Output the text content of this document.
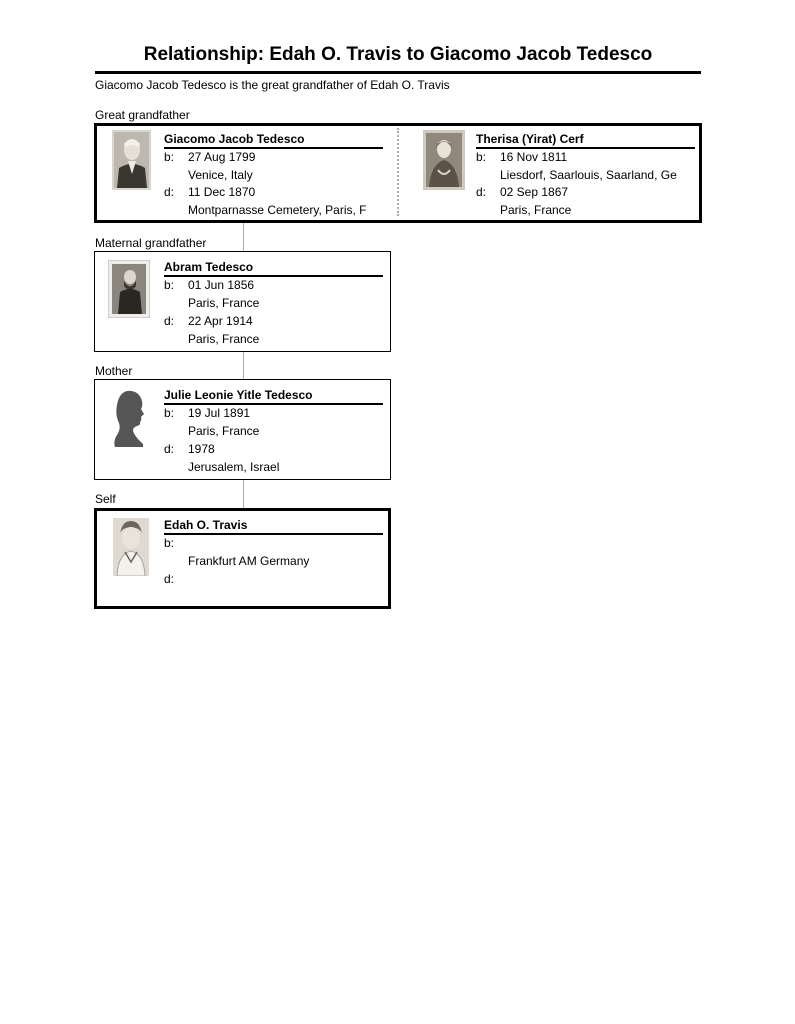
Relationship: Edah O. Travis to Giacomo Jacob Tedesco
Giacomo Jacob Tedesco is the great grandfather of Edah O. Travis
Great grandfather
Giacomo Jacob Tedesco
b: 27 Aug 1799
Venice, Italy
d: 11 Dec 1870
Montparnasse Cemetery, Paris, F
Therisa (Yirat) Cerf
b: 16 Nov 1811
Liesdorf, Saarlouis, Saarland, Ge
d: 02 Sep 1867
Paris, France
Maternal grandfather
Abram Tedesco
b: 01 Jun 1856
Paris, France
d: 22 Apr 1914
Paris, France
Mother
Julie Leonie Yitle Tedesco
b: 19 Jul 1891
Paris, France
d: 1978
Jerusalem, Israel
Self
Edah O. Travis
b:
Frankfurt AM Germany
d:
